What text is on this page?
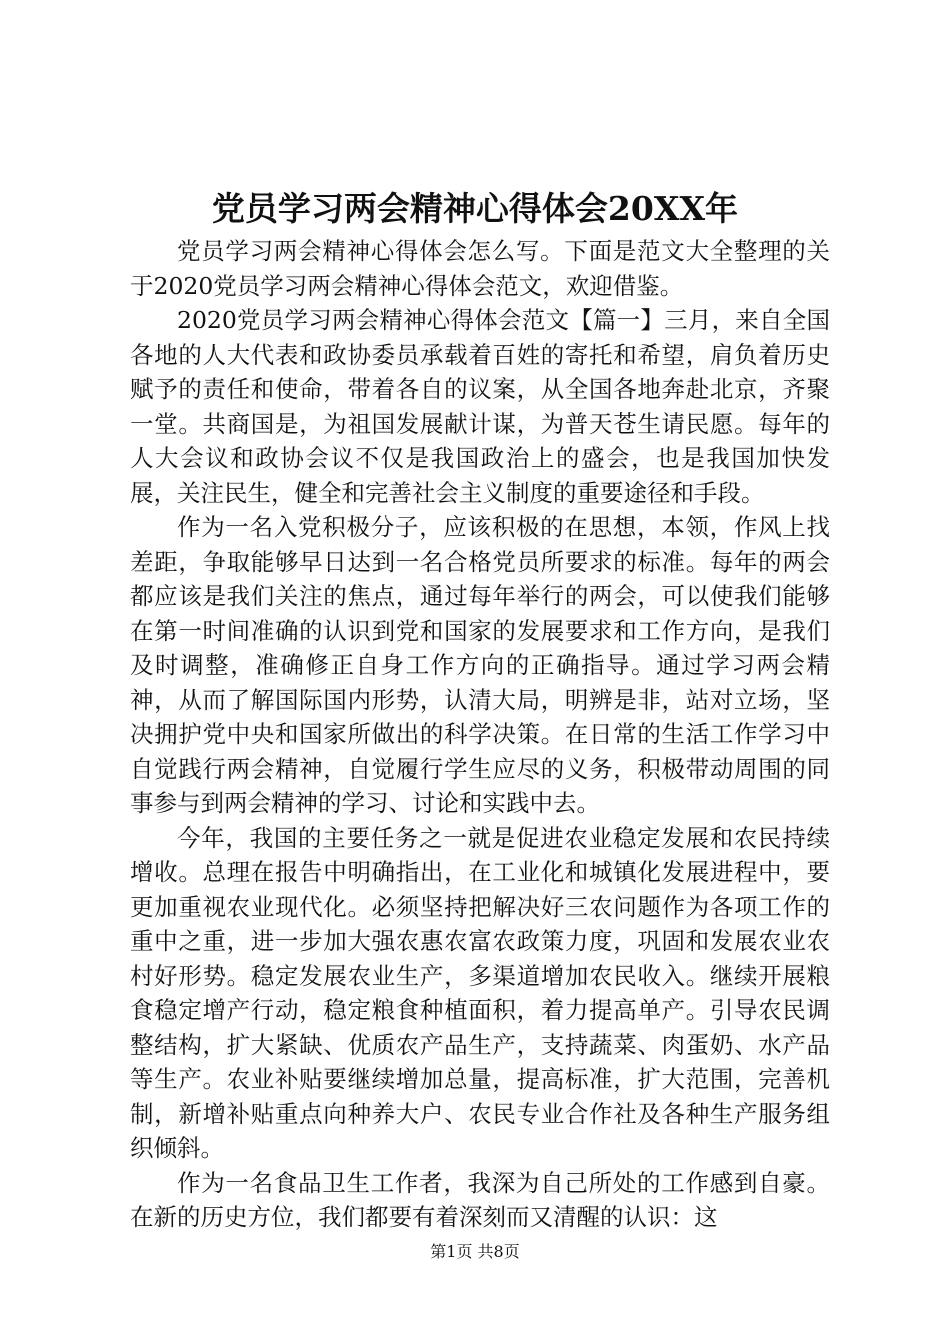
党员学习两会精神心得体会20XX年

党员学习两会精神心得体会怎么写。下面是范文大全整理的关于2020党员学习两会精神心得体会范文，欢迎借鉴。

2020党员学习两会精神心得体会范文【篇一】三月，来自全国各地的人大代表和政协委员承载着百姓的寄托和希望，肩负着历史赋予的责任和使命，带着各自的议案，从全国各地奔赴北京，齐聚一堂。共商国是，为祖国发展献计谋，为普天苍生请民愿。每年的人大会议和政协会议不仅是我国政治上的盛会，也是我国加快发展，关注民生，健全和完善社会主义制度的重要途径和手段。

作为一名入党积极分子，应该积极的在思想，本领，作风上找差距，争取能够早日达到一名合格党员所要求的标准。每年的两会都应该是我们关注的焦点，通过每年举行的两会，可以使我们能够在第一时间准确的认识到党和国家的发展要求和工作方向，是我们及时调整，准确修正自身工作方向的正确指导。通过学习两会精神，从而了解国际国内形势，认清大局，明辨是非，站对立场，坚决拥护党中央和国家所做出的科学决策。在日常的生活工作学习中自觉践行两会精神，自觉履行学生应尽的义务，积极带动周围的同事参与到两会精神的学习、讨论和实践中去。

今年，我国的主要任务之一就是促进农业稳定发展和农民持续增收。总理在报告中明确指出，在工业化和城镇化发展进程中，要更加重视农业现代化。必须坚持把解决好三农问题作为各项工作的重中之重，进一步加大强农惠农富农政策力度，巩固和发展农业农村好形势。稳定发展农业生产，多渠道增加农民收入。继续开展粮食稳定增产行动，稳定粮食种植面积，着力提高单产。引导农民调整结构，扩大紧缺、优质农产品生产，支持蔬菜、肉蛋奶、水产品等生产。农业补贴要继续增加总量，提高标准，扩大范围，完善机制，新增补贴重点向种养大户、农民专业合作社及各种生产服务组织倾斜。

作为一名食品卫生工作者，我深为自己所处的工作感到自豪。在新的历史方位，我们都要有着深刻而又清醒的认识：这

第1页 共8页
